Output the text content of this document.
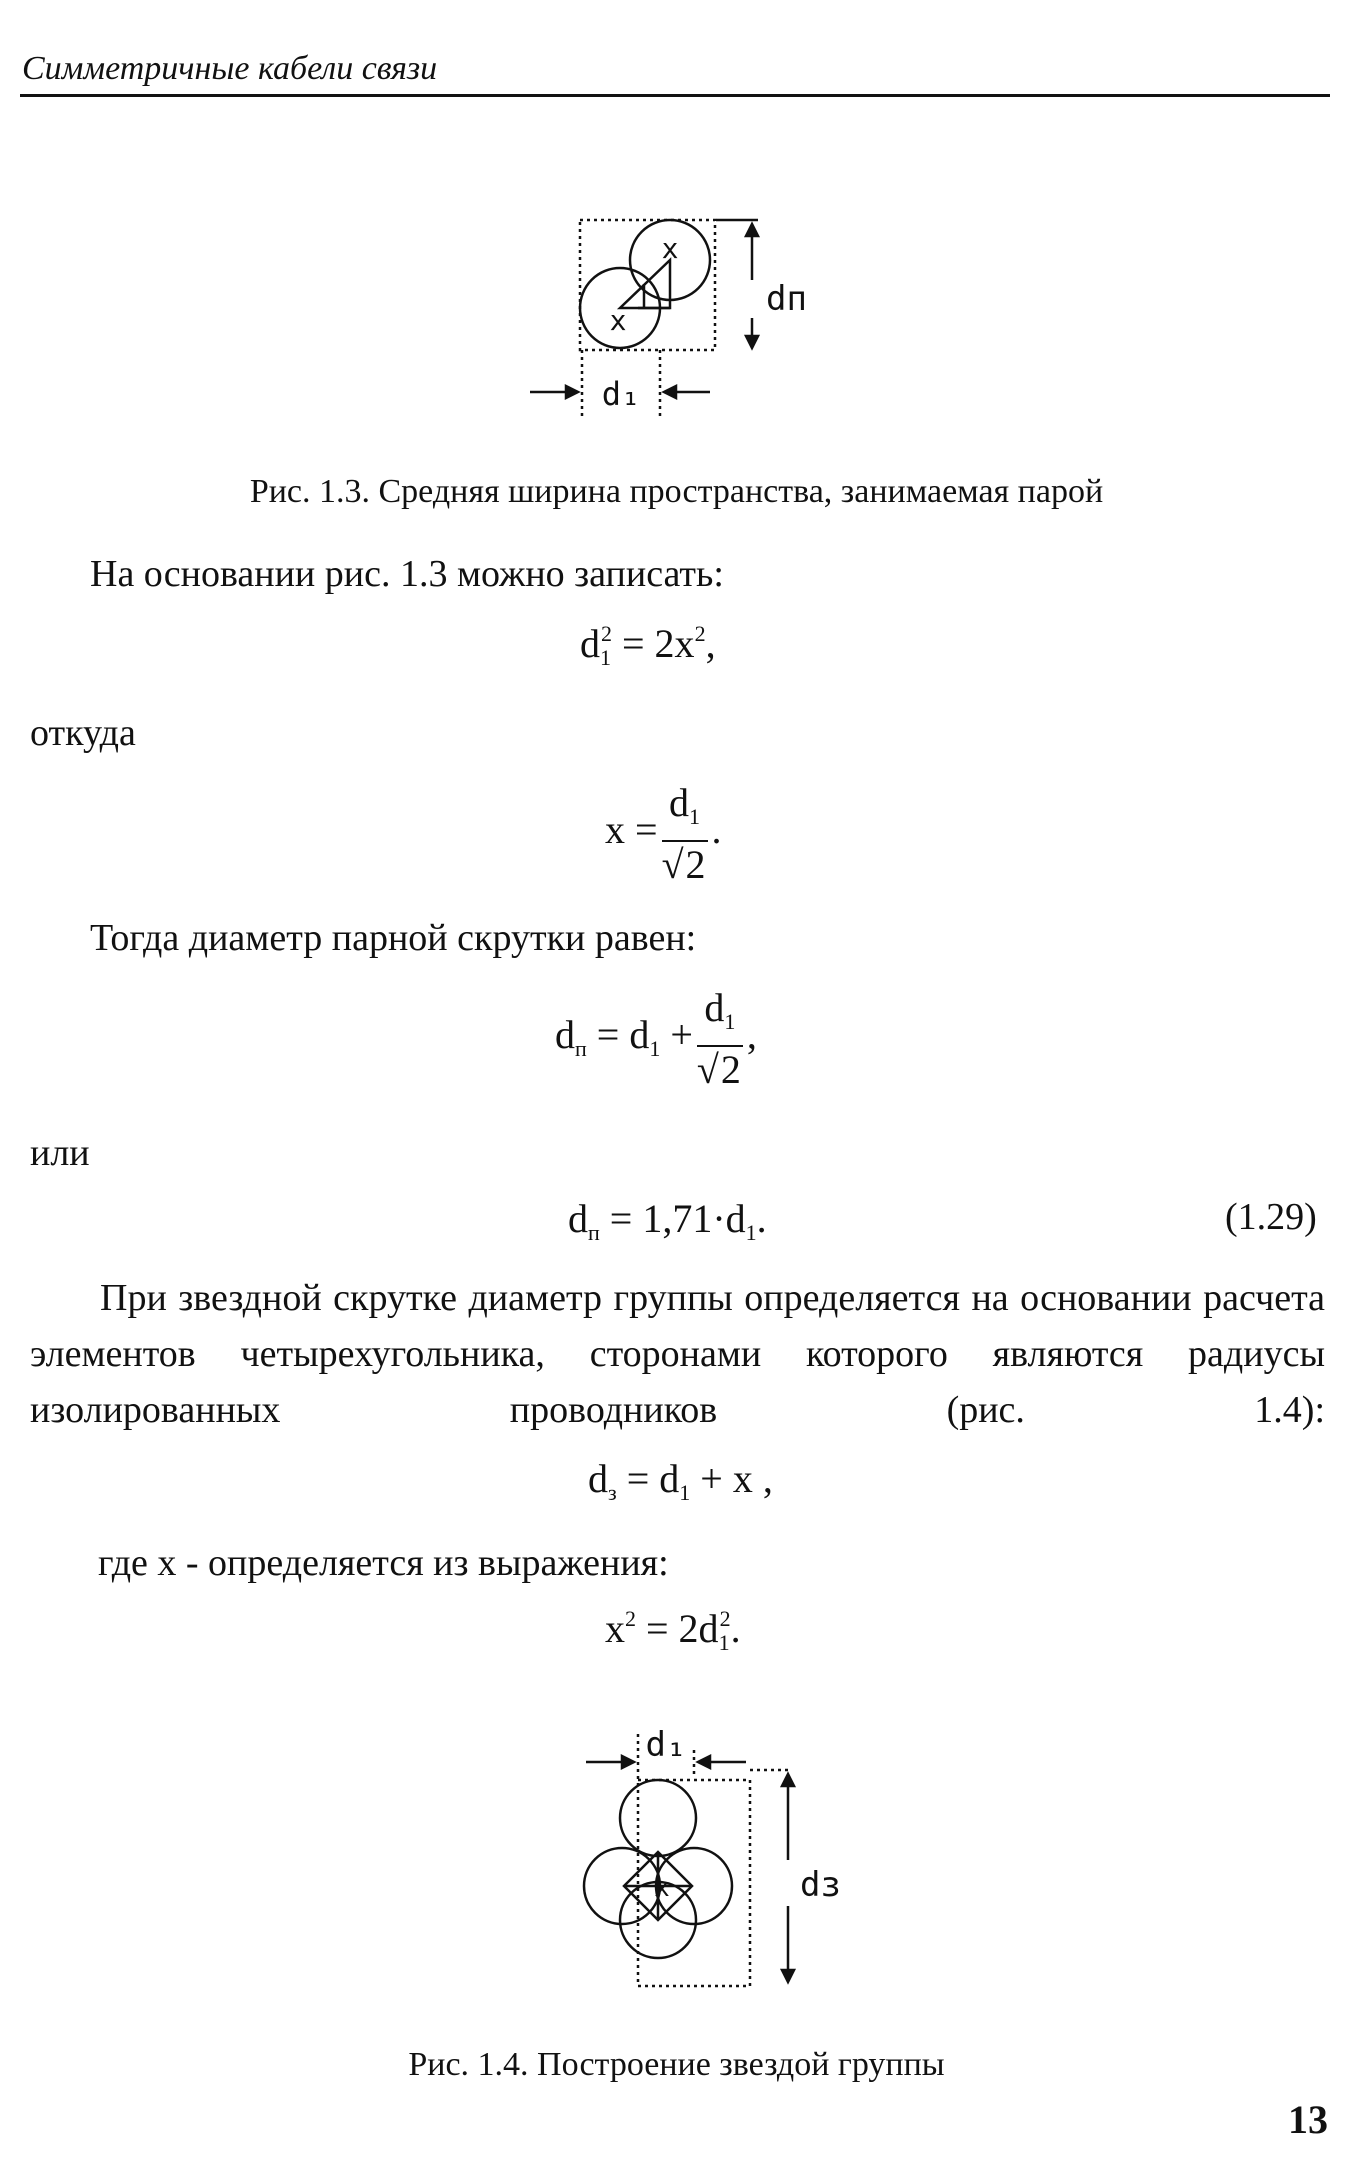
Симметричные кабели связи
x
x
dп
d₁
Рис. 1.3. Средняя ширина пространства, занимаемая парой
На основании рис. 1.3 можно записать:
$d_1^2 = 2x^2$,
откуда
$x = \frac{d_1}{√2}$ .
Тогда диаметр парной скрутки равен:
$d_п = d_1 + \frac{d_1}{√2}$ ,
или
$d_п = 1,71\cdot d_1$.	(1.29)
При звездной скрутке диаметр группы определяется на основании расчета элементов четырехугольника, сторонами которого являются радиусы изолированных проводников (рис. 1.4):
$d_з = d_1 + x$ ,
где х - определяется из выражения:
$x^2 = 2d_1^2$.
d₁
x	dз
Рис. 1.4. Построение звездой группы
13
